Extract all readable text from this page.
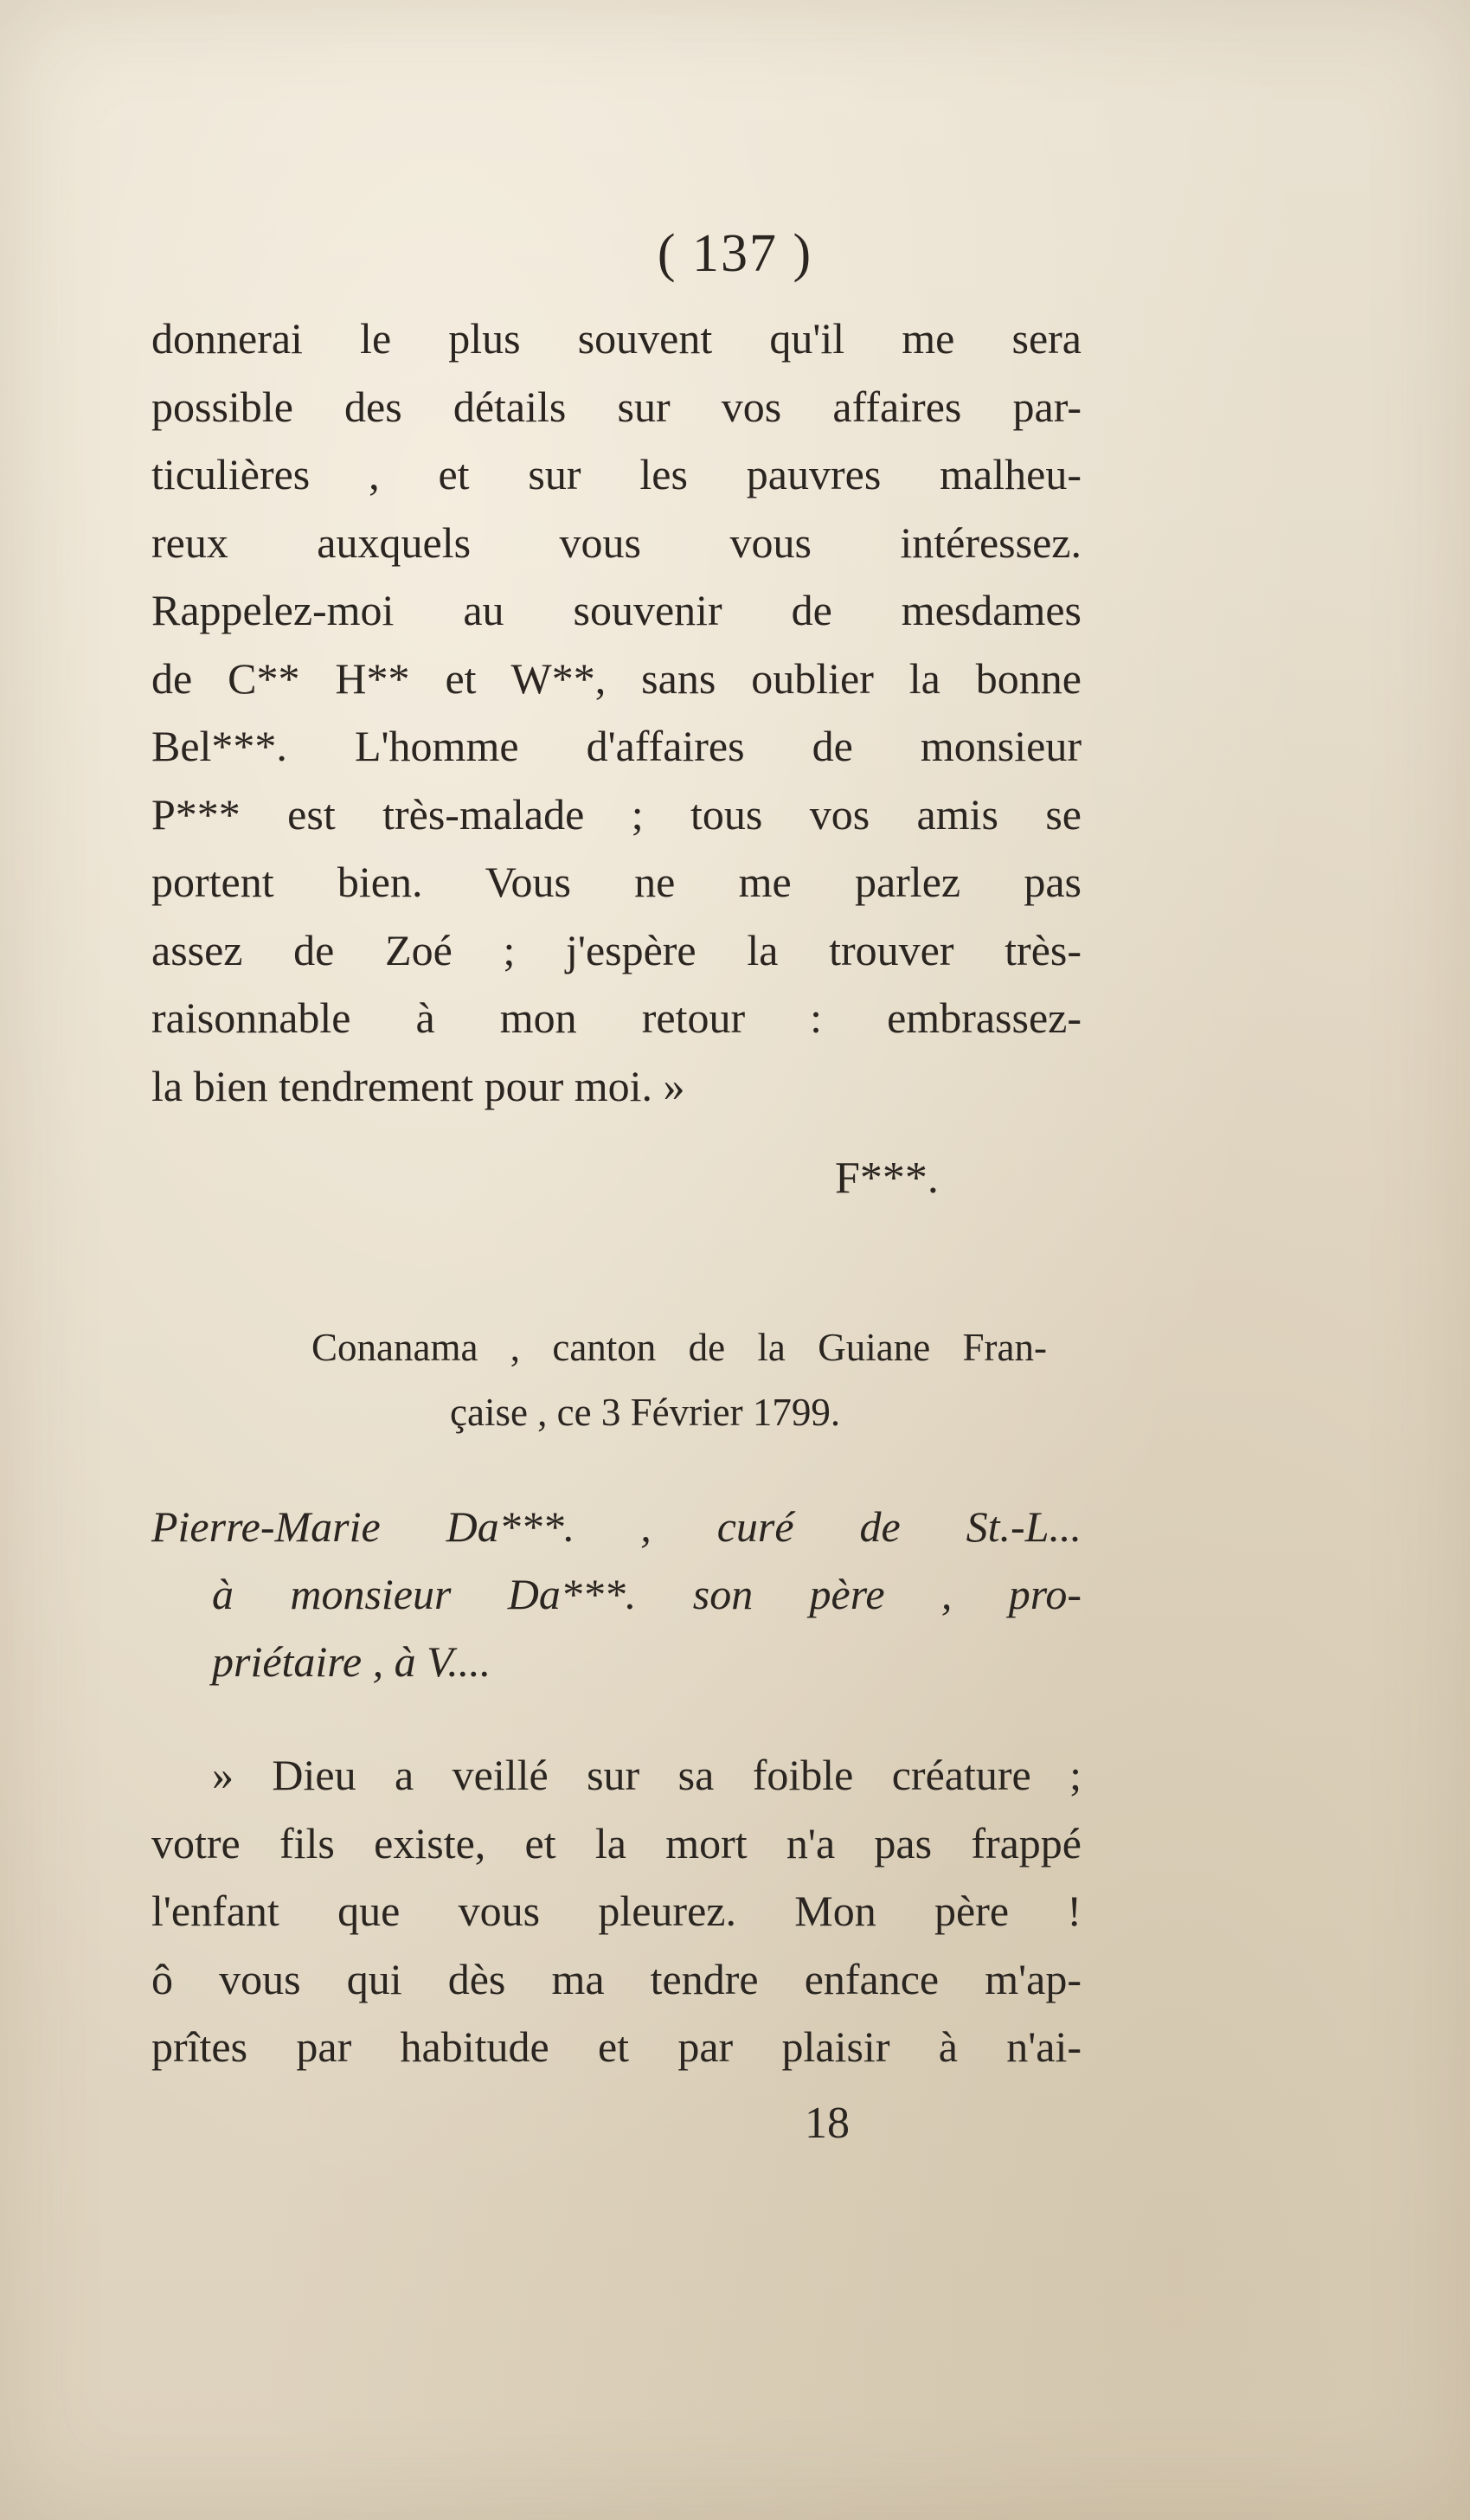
( 137 )
donnerai le plus souvent qu'il me sera
possible des détails sur vos affaires par-
ticulières , et sur les pauvres malheu-
reux auxquels vous vous intéressez.
Rappelez-moi au souvenir de mesdames
de C** H** et W**, sans oublier la bonne
Bel***. L'homme d'affaires de monsieur
P*** est très-malade ; tous vos amis se
portent bien. Vous ne me parlez pas
assez de Zoé ; j'espère la trouver très-
raisonnable à mon retour : embrassez-
la bien tendrement pour moi. »
F***.
Conanama , canton de la Guiane Fran-
çaise , ce 3 Février 1799.
Pierre-Marie Da***. , curé de St.-L...
à monsieur Da***. son père , pro-
priétaire , à V....
» Dieu a veillé sur sa foible créature ;
votre fils existe, et la mort n'a pas frappé
l'enfant que vous pleurez. Mon père !
ô vous qui dès ma tendre enfance m'ap-
prîtes par habitude et par plaisir à n'ai-
18
